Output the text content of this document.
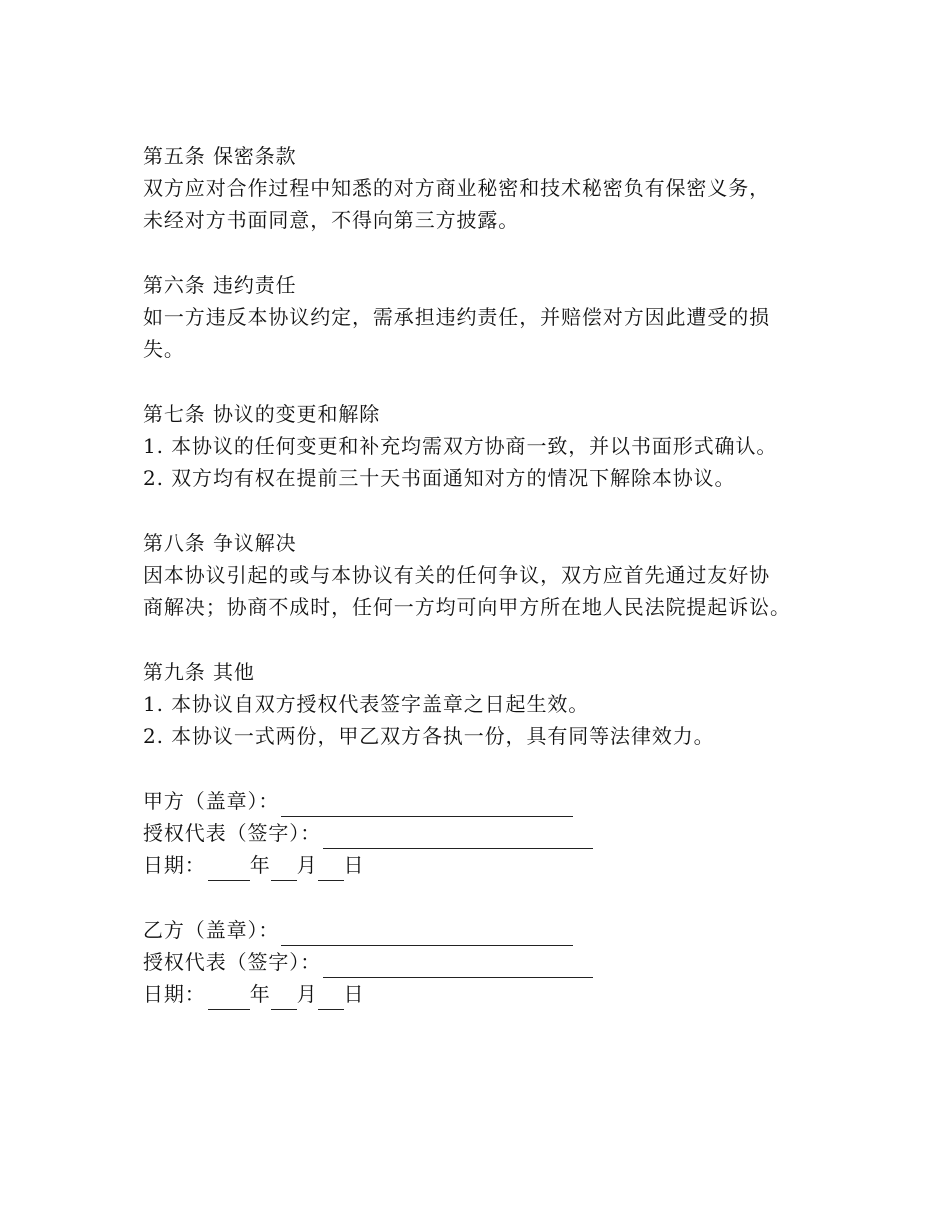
第五条 保密条款
双方应对合作过程中知悉的对方商业秘密和技术秘密负有保密义务，
未经对方书面同意，不得向第三方披露。
第六条 违约责任
如一方违反本协议约定，需承担违约责任，并赔偿对方因此遭受的损
失。
第七条 协议的变更和解除
1. 本协议的任何变更和补充均需双方协商一致，并以书面形式确认。
2. 双方均有权在提前三十天书面通知对方的情况下解除本协议。
第八条 争议解决
因本协议引起的或与本协议有关的任何争议，双方应首先通过友好协
商解决；协商不成时，任何一方均可向甲方所在地人民法院提起诉讼。
第九条 其他
1. 本协议自双方授权代表签字盖章之日起生效。
2. 本协议一式两份，甲乙双方各执一份，具有同等法律效力。
甲方（盖章）：
授权代表（签字）：
日期： 年 月 日
乙方（盖章）：
授权代表（签字）：
日期： 年 月 日
